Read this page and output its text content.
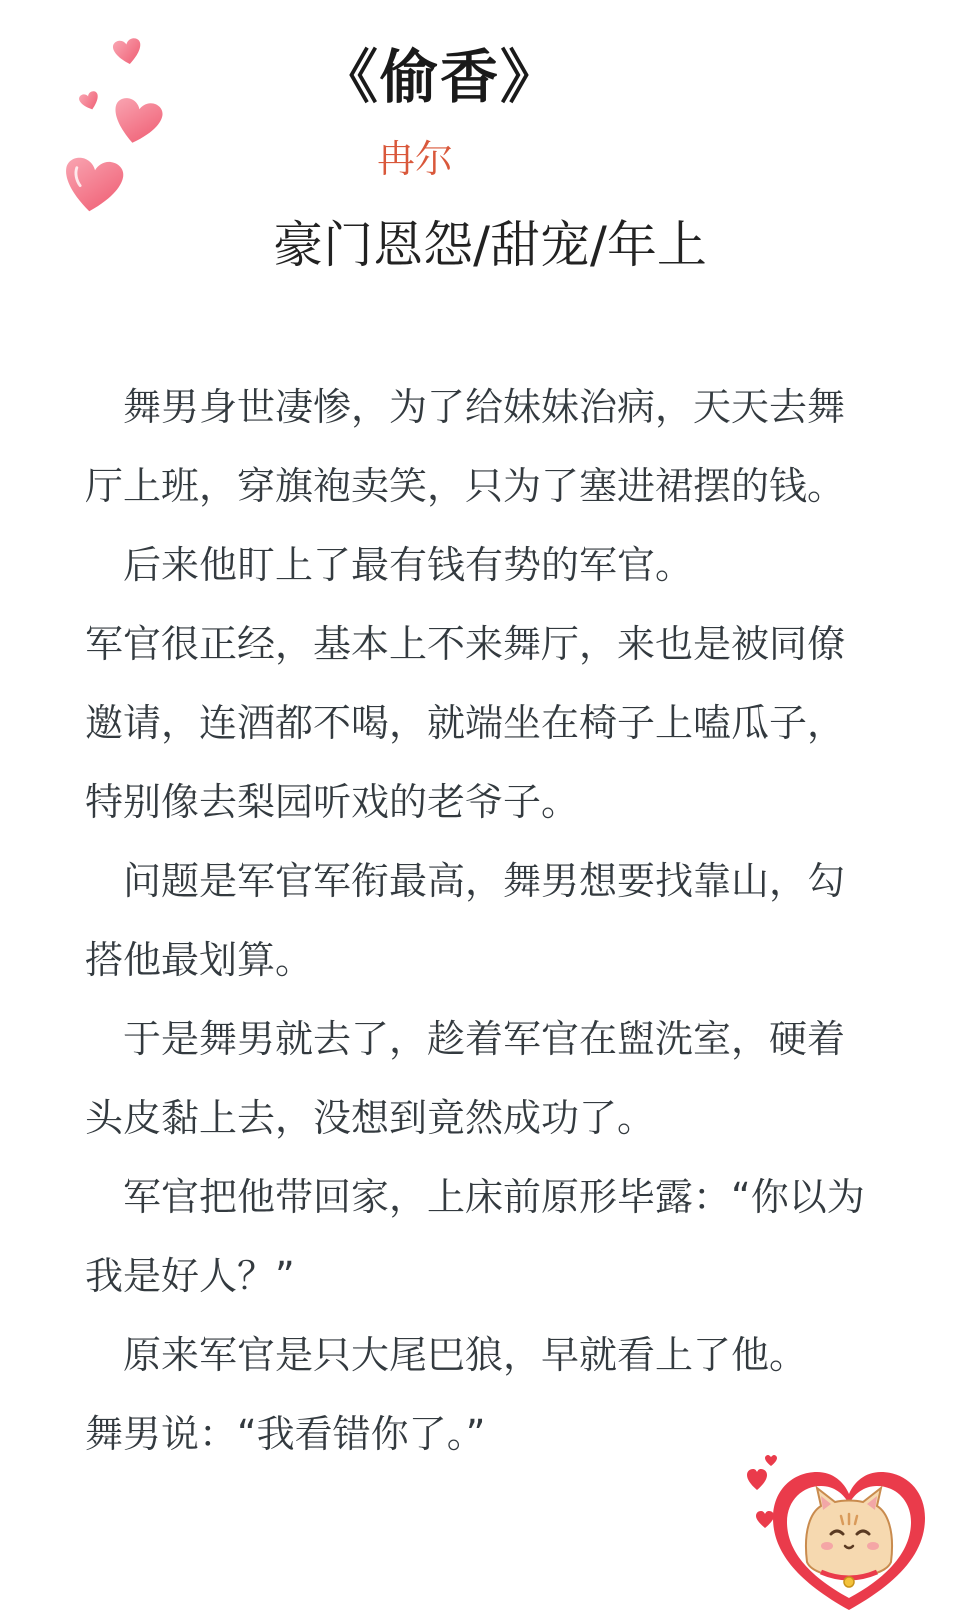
《偷香》
冉尔
豪门恩怨/甜宠/年上

　舞男身世凄惨，为了给妹妹治病，天天去舞厅上班，穿旗袍卖笑，只为了塞进裙摆的钱。

　后来他盯上了最有钱有势的军官。

军官很正经，基本上不来舞厅，来也是被同僚邀请，连酒都不喝，就端坐在椅子上嗑瓜子，特别像去梨园听戏的老爷子。

　问题是军官军衔最高，舞男想要找靠山，勾搭他最划算。

　于是舞男就去了，趁着军官在盥洗室，硬着头皮黏上去，没想到竟然成功了。

　军官把他带回家，上床前原形毕露：“你以为我是好人？”

　原来军官是只大尾巴狼，早就看上了他。

舞男说：“我看错你了。”
